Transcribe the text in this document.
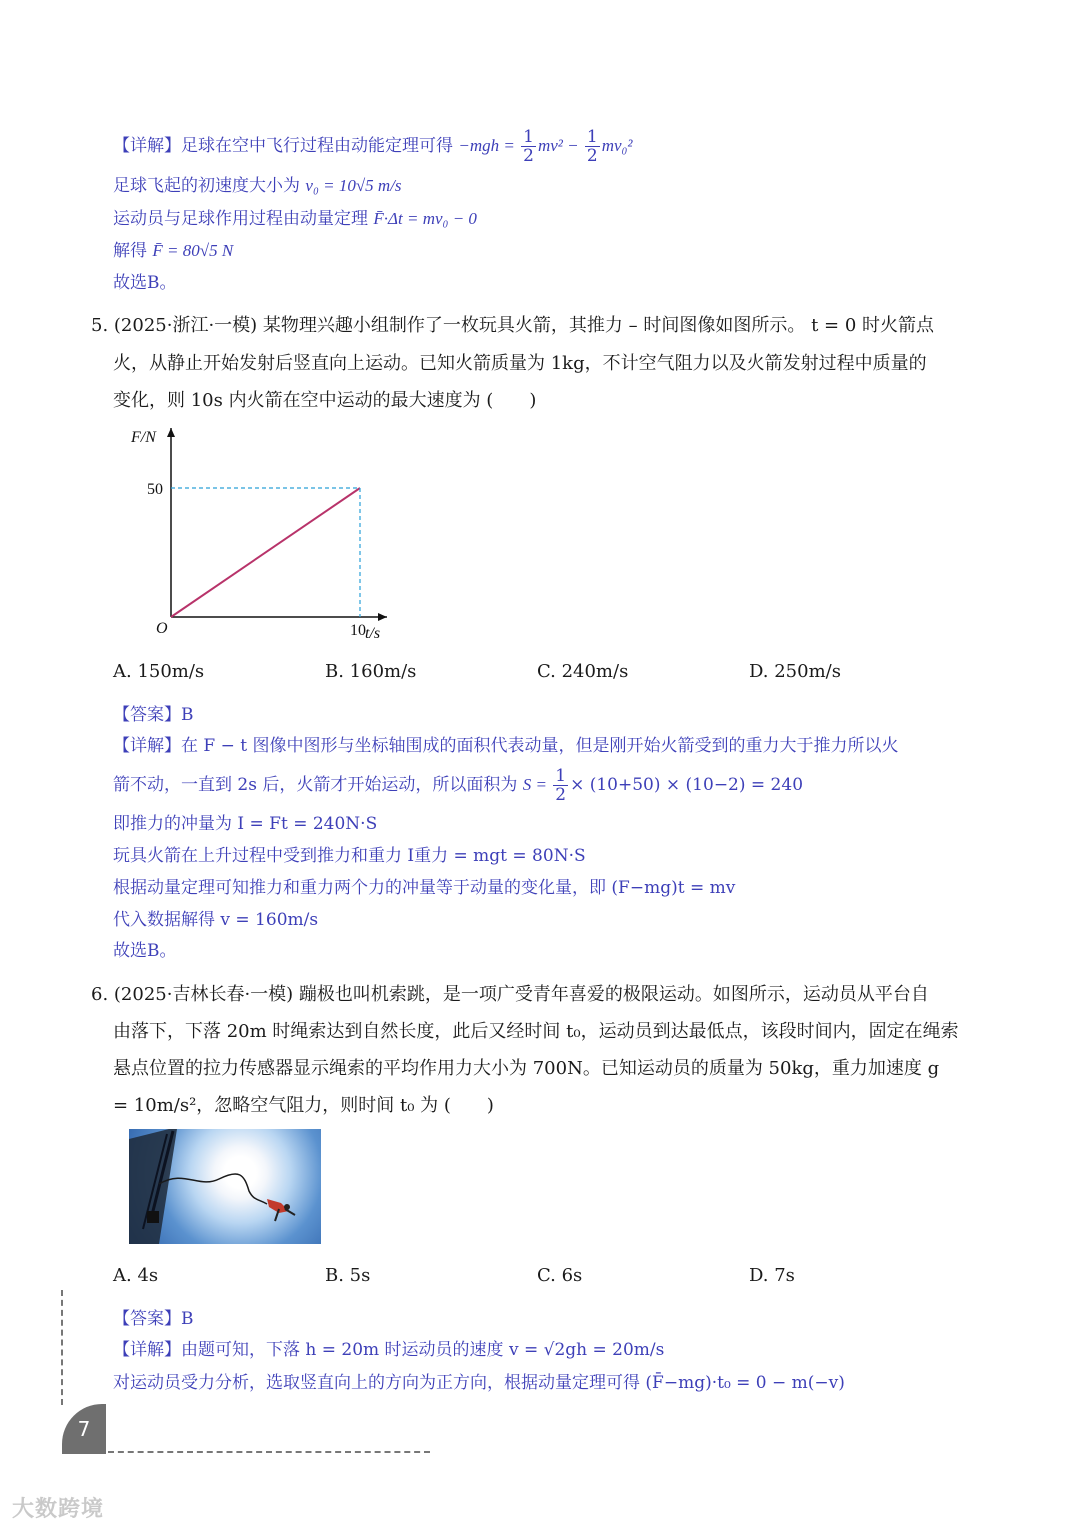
【详解】足球在空中飞行过程由动能定理可得 $-mgh = \frac{1}{2} mv^2 - \frac{1}{2} mv_0^2$
足球飞起的初速度大小为 v₀ = 10√5 m/s
运动员与足球作用过程由动量定理 F̄·Δt = mv₀ − 0
解得 F̄ = 80√5 N
故选B。
5. (2025·浙江·一模) 某物理兴趣小组制作了一枚玩具火箭，其推力 – 时间图像如图所示。 t = 0 时火箭点
火，从静止开始发射后竖直向上运动。已知火箭质量为 1kg，不计空气阻力以及火箭发射过程中质量的
变化，则 10s 内火箭在空中运动的最大速度为 (　　)
O	10
50
t/s
F/N
A. 150m/s	B. 160m/s	C. 240m/s	D. 250m/s
【答案】B
【详解】在 F − t 图像中图形与坐标轴围成的面积代表动量，但是刚开始火箭受到的重力大于推力所以火
箭不动，一直到 2s 后，火箭才开始运动，所以面积为 $S = \frac{1}{2} \times (10+50) \times (10-2) = 240$
即推力的冲量为 I = Ft = 240N·S
玩具火箭在上升过程中受到推力和重力 I重力 = mgt = 80N·S
根据动量定理可知推力和重力两个力的冲量等于动量的变化量，即 (F−mg)t = mv
代入数据解得 v = 160m/s
故选B。
6. (2025·吉林长春·一模) 蹦极也叫机索跳，是一项广受青年喜爱的极限运动。如图所示，运动员从平台自
由落下，下落 20m 时绳索达到自然长度，此后又经时间 t₀，运动员到达最低点，该段时间内，固定在绳索
悬点位置的拉力传感器显示绳索的平均作用力大小为 700N。已知运动员的质量为 50kg，重力加速度 g
= 10m/s²，忽略空气阻力，则时间 t₀ 为 (　　)
A. 4s	B. 5s	C. 6s	D. 7s
【答案】B
【详解】由题可知，下落 h = 20m 时运动员的速度 v = √2gh = 20m/s
对运动员受力分析，选取竖直向上的方向为正方向，根据动量定理可得 (F̄−mg)·t₀ = 0 − m(−v)
7
大数跨境
